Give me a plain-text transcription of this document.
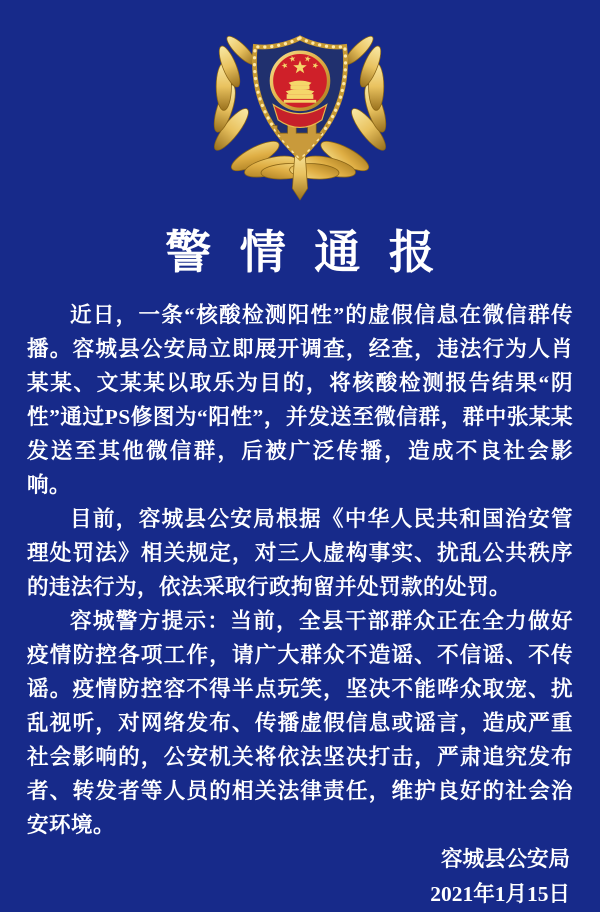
警情通报

近日，一条“核酸检测阳性”的虚假信息在微信群传播。容城县公安局立即展开调查，经查，违法行为人肖某某、文某某以取乐为目的，将核酸检测报告结果“阴性”通过PS修图为“阳性”，并发送至微信群，群中张某某发送至其他微信群，后被广泛传播，造成不良社会影响。

目前，容城县公安局根据《中华人民共和国治安管理处罚法》相关规定，对三人虚构事实、扰乱公共秩序的违法行为，依法采取行政拘留并处罚款的处罚。

容城警方提示：当前，全县干部群众正在全力做好疫情防控各项工作，请广大群众不造谣、不信谣、不传谣。疫情防控容不得半点玩笑，坚决不能哗众取宠、扰乱视听，对网络发布、传播虚假信息或谣言，造成严重社会影响的，公安机关将依法坚决打击，严肃追究发布者、转发者等人员的相关法律责任，维护良好的社会治安环境。

容城县公安局
2021年1月15日
